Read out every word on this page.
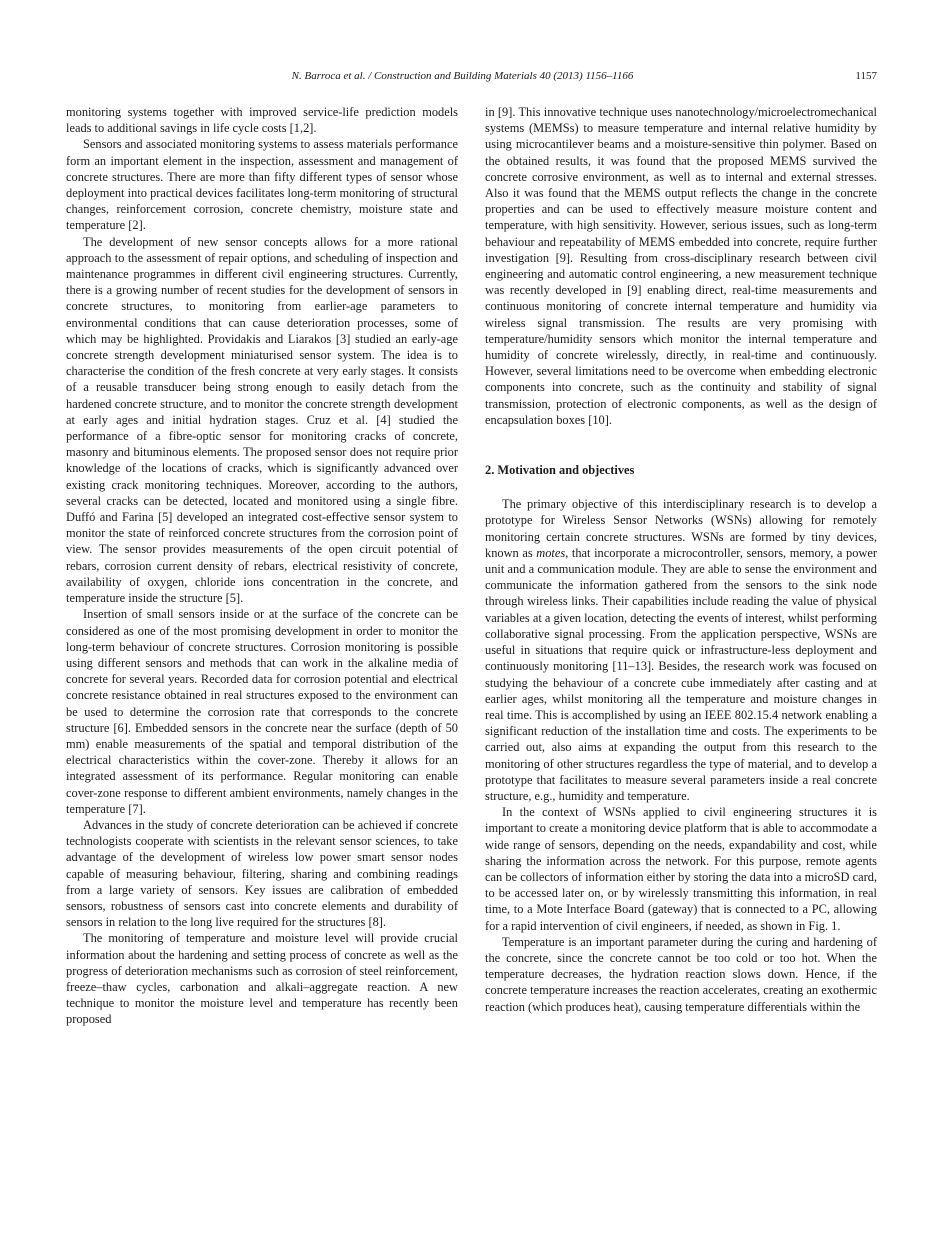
N. Barroca et al. / Construction and Building Materials 40 (2013) 1156–1166	1157

monitoring systems together with improved service-life prediction models leads to additional savings in life cycle costs [1,2].

Sensors and associated monitoring systems to assess materials performance form an important element in the inspection, assessment and management of concrete structures. There are more than fifty different types of sensor whose deployment into practical devices facilitates long-term monitoring of structural changes, reinforcement corrosion, concrete chemistry, moisture state and temperature [2].

The development of new sensor concepts allows for a more rational approach to the assessment of repair options, and scheduling of inspection and maintenance programmes in different civil engineering structures. Currently, there is a growing number of recent studies for the development of sensors in concrete structures, to monitoring from earlier-age parameters to environmental conditions that can cause deterioration processes, some of which may be highlighted. Providakis and Liarakos [3] studied an early-age concrete strength development miniaturised sensor system. The idea is to characterise the condition of the fresh concrete at very early stages. It consists of a reusable transducer being strong enough to easily detach from the hardened concrete structure, and to monitor the concrete strength development at early ages and initial hydration stages. Cruz et al. [4] studied the performance of a fibre-optic sensor for monitoring cracks of concrete, masonry and bituminous elements. The proposed sensor does not require prior knowledge of the locations of cracks, which is significantly advanced over existing crack monitoring techniques. Moreover, according to the authors, several cracks can be detected, located and monitored using a single fibre. Duffó and Farina [5] developed an integrated cost-effective sensor system to monitor the state of reinforced concrete structures from the corrosion point of view. The sensor provides measurements of the open circuit potential of rebars, corrosion current density of rebars, electrical resistivity of concrete, availability of oxygen, chloride ions concentration in the concrete, and temperature inside the structure [5].

Insertion of small sensors inside or at the surface of the concrete can be considered as one of the most promising development in order to monitor the long-term behaviour of concrete structures. Corrosion monitoring is possible using different sensors and methods that can work in the alkaline media of concrete for several years. Recorded data for corrosion potential and electrical concrete resistance obtained in real structures exposed to the environment can be used to determine the corrosion rate that corresponds to the concrete structure [6]. Embedded sensors in the concrete near the surface (depth of 50 mm) enable measurements of the spatial and temporal distribution of the electrical characteristics within the cover-zone. Thereby it allows for an integrated assessment of its performance. Regular monitoring can enable cover-zone response to different ambient environments, namely changes in the temperature [7].

Advances in the study of concrete deterioration can be achieved if concrete technologists cooperate with scientists in the relevant sensor sciences, to take advantage of the development of wireless low power smart sensor nodes capable of measuring behaviour, filtering, sharing and combining readings from a large variety of sensors. Key issues are calibration of embedded sensors, robustness of sensors cast into concrete elements and durability of sensors in relation to the long live required for the structures [8].

The monitoring of temperature and moisture level will provide crucial information about the hardening and setting process of concrete as well as the progress of deterioration mechanisms such as corrosion of steel reinforcement, freeze–thaw cycles, carbonation and alkali–aggregate reaction. A new technique to monitor the moisture level and temperature has recently been proposed

in [9]. This innovative technique uses nanotechnology/microelectromechanical systems (MEMSs) to measure temperature and internal relative humidity by using microcantilever beams and a moisture-sensitive thin polymer. Based on the obtained results, it was found that the proposed MEMS survived the concrete corrosive environment, as well as to internal and external stresses. Also it was found that the MEMS output reflects the change in the concrete properties and can be used to effectively measure moisture content and temperature, with high sensitivity. However, serious issues, such as long-term behaviour and repeatability of MEMS embedded into concrete, require further investigation [9]. Resulting from cross-disciplinary research between civil engineering and automatic control engineering, a new measurement technique was recently developed in [9] enabling direct, real-time measurements and continuous monitoring of concrete internal temperature and humidity via wireless signal transmission. The results are very promising with temperature/humidity sensors which monitor the internal temperature and humidity of concrete wirelessly, directly, in real-time and continuously. However, several limitations need to be overcome when embedding electronic components into concrete, such as the continuity and stability of signal transmission, protection of electronic components, as well as the design of encapsulation boxes [10].

2. Motivation and objectives

The primary objective of this interdisciplinary research is to develop a prototype for Wireless Sensor Networks (WSNs) allowing for remotely monitoring certain concrete structures. WSNs are formed by tiny devices, known as motes, that incorporate a microcontroller, sensors, memory, a power unit and a communication module. They are able to sense the environment and communicate the information gathered from the sensors to the sink node through wireless links. Their capabilities include reading the value of physical variables at a given location, detecting the events of interest, whilst performing collaborative signal processing. From the application perspective, WSNs are useful in situations that require quick or infrastructure-less deployment and continuously monitoring [11–13]. Besides, the research work was focused on studying the behaviour of a concrete cube immediately after casting and at earlier ages, whilst monitoring all the temperature and moisture changes in real time. This is accomplished by using an IEEE 802.15.4 network enabling a significant reduction of the installation time and costs. The experiments to be carried out, also aims at expanding the output from this research to the monitoring of other structures regardless the type of material, and to develop a prototype that facilitates to measure several parameters inside a real concrete structure, e.g., humidity and temperature.

In the context of WSNs applied to civil engineering structures it is important to create a monitoring device platform that is able to accommodate a wide range of sensors, depending on the needs, expandability and cost, while sharing the information across the network. For this purpose, remote agents can be collectors of information either by storing the data into a microSD card, to be accessed later on, or by wirelessly transmitting this information, in real time, to a Mote Interface Board (gateway) that is connected to a PC, allowing for a rapid intervention of civil engineers, if needed, as shown in Fig. 1.

Temperature is an important parameter during the curing and hardening of the concrete, since the concrete cannot be too cold or too hot. When the temperature decreases, the hydration reaction slows down. Hence, if the concrete temperature increases the reaction accelerates, creating an exothermic reaction (which produces heat), causing temperature differentials within the
